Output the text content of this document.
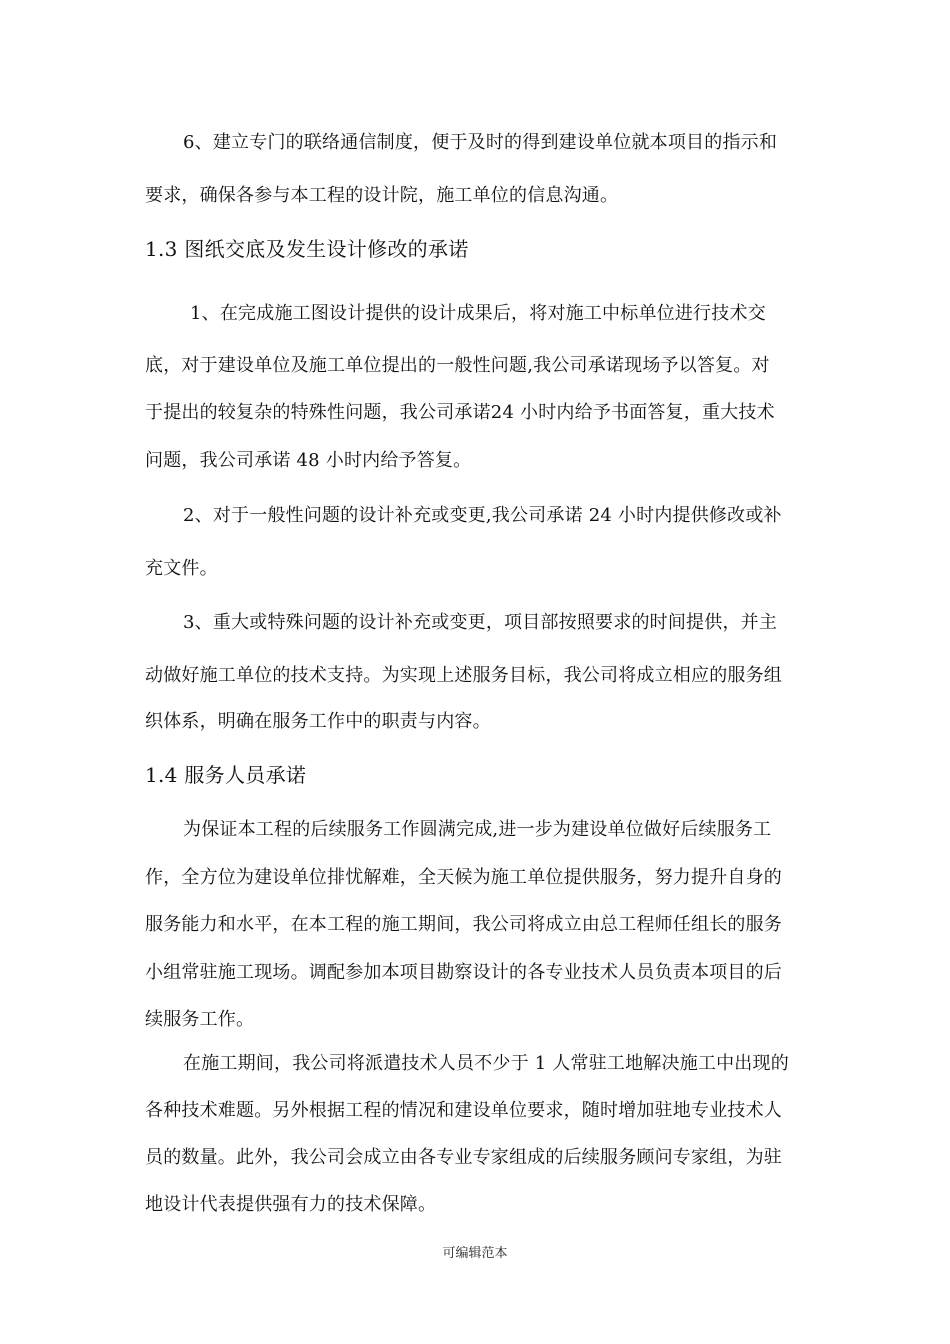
6、建立专门的联络通信制度，便于及时的得到建设单位就本项目的指示和
要求，确保各参与本工程的设计院，施工单位的信息沟通。
1.3 图纸交底及发生设计修改的承诺
1、在完成施工图设计提供的设计成果后，将对施工中标单位进行技术交
底，对于建设单位及施工单位提出的一般性问题,我公司承诺现场予以答复。对
于提出的较复杂的特殊性问题，我公司承诺24 小时内给予书面答复，重大技术
问题，我公司承诺 48 小时内给予答复。
2、对于一般性问题的设计补充或变更,我公司承诺 24 小时内提供修改或补
充文件。
3、重大或特殊问题的设计补充或变更，项目部按照要求的时间提供，并主
动做好施工单位的技术支持。为实现上述服务目标，我公司将成立相应的服务组
织体系，明确在服务工作中的职责与内容。
1.4 服务人员承诺
为保证本工程的后续服务工作圆满完成,进一步为建设单位做好后续服务工
作，全方位为建设单位排忧解难，全天候为施工单位提供服务，努力提升自身的
服务能力和水平，在本工程的施工期间，我公司将成立由总工程师任组长的服务
小组常驻施工现场。调配参加本项目勘察设计的各专业技术人员负责本项目的后
续服务工作。
在施工期间，我公司将派遣技术人员不少于 1 人常驻工地解决施工中出现的
各种技术难题。另外根据工程的情况和建设单位要求，随时增加驻地专业技术人
员的数量。此外，我公司会成立由各专业专家组成的后续服务顾问专家组，为驻
地设计代表提供强有力的技术保障。
可编辑范本
